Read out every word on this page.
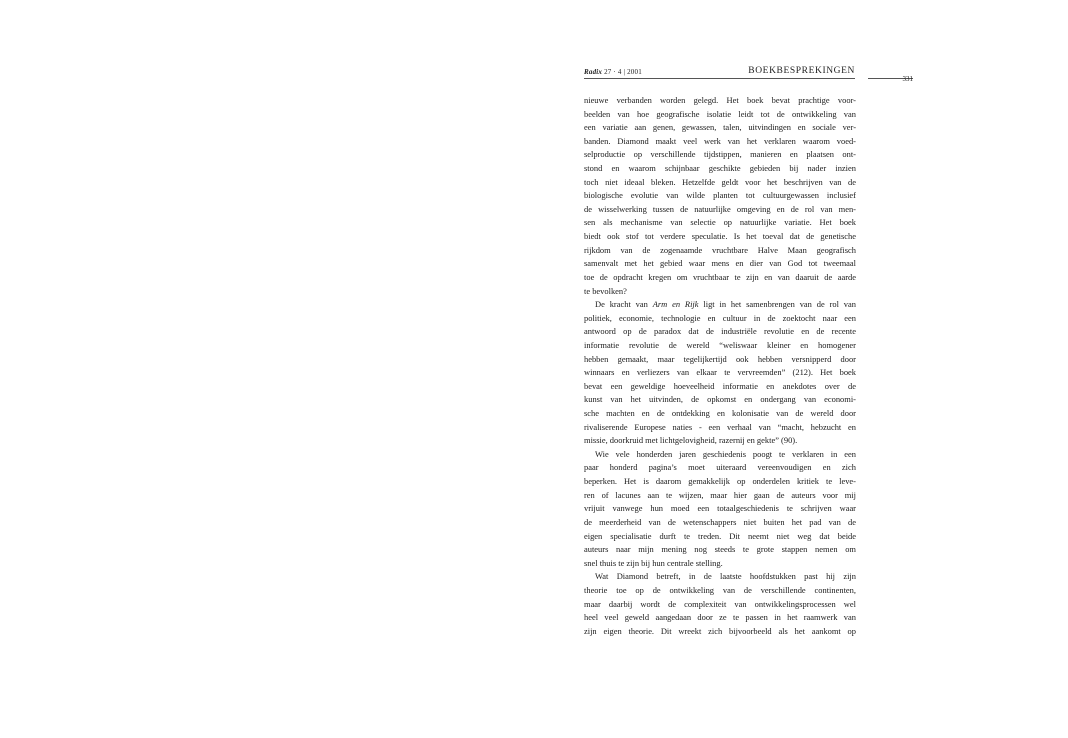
Radix 27 · 4 | 2001	BOEKBESPREKINGEN
$_{331}$
nieuwe verbanden worden gelegd. Het boek bevat prachtige voor-
beelden van hoe geografische isolatie leidt tot de ontwikkeling van
een variatie aan genen, gewassen, talen, uitvindingen en sociale ver-
banden. Diamond maakt veel werk van het verklaren waarom voed-
selproductie op verschillende tijdstippen, manieren en plaatsen ont-
stond en waarom schijnbaar geschikte gebieden bij nader inzien
toch niet ideaal bleken. Hetzelfde geldt voor het beschrijven van de
biologische evolutie van wilde planten tot cultuurgewassen inclusief
de wisselwerking tussen de natuurlijke omgeving en de rol van men-
sen als mechanisme van selectie op natuurlijke variatie. Het boek
biedt ook stof tot verdere speculatie. Is het toeval dat de genetische
rijkdom van de zogenaamde vruchtbare Halve Maan geografisch
samenvalt met het gebied waar mens en dier van God tot tweemaal
toe de opdracht kregen om vruchtbaar te zijn en van daaruit de aarde
te bevolken?
De kracht van Arm en Rijk ligt in het samenbrengen van de rol van
politiek, economie, technologie en cultuur in de zoektocht naar een
antwoord op de paradox dat de industriële revolutie en de recente
informatie revolutie de wereld “weliswaar kleiner en homogener
hebben gemaakt, maar tegelijkertijd ook hebben versnipperd door
winnaars en verliezers van elkaar te vervreemden” (212). Het boek
bevat een geweldige hoeveelheid informatie en anekdotes over de
kunst van het uitvinden, de opkomst en ondergang van economi-
sche machten en de ontdekking en kolonisatie van de wereld door
rivaliserende Europese naties - een verhaal van “macht, hebzucht en
missie, doorkruid met lichtgelovigheid, razernij en gekte” (90).
Wie vele honderden jaren geschiedenis poogt te verklaren in een
paar honderd pagina’s moet uiteraard vereenvoudigen en zich
beperken. Het is daarom gemakkelijk op onderdelen kritiek te leve-
ren of lacunes aan te wijzen, maar hier gaan de auteurs voor mij
vrijuit vanwege hun moed een totaalgeschiedenis te schrijven waar
de meerderheid van de wetenschappers niet buiten het pad van de
eigen specialisatie durft te treden. Dit neemt niet weg dat beide
auteurs naar mijn mening nog steeds te grote stappen nemen om
snel thuis te zijn bij hun centrale stelling.
Wat Diamond betreft, in de laatste hoofdstukken past hij zijn
theorie toe op de ontwikkeling van de verschillende continenten,
maar daarbij wordt de complexiteit van ontwikkelingsprocessen wel
heel veel geweld aangedaan door ze te passen in het raamwerk van
zijn eigen theorie. Dit wreekt zich bijvoorbeeld als het aankomt op
